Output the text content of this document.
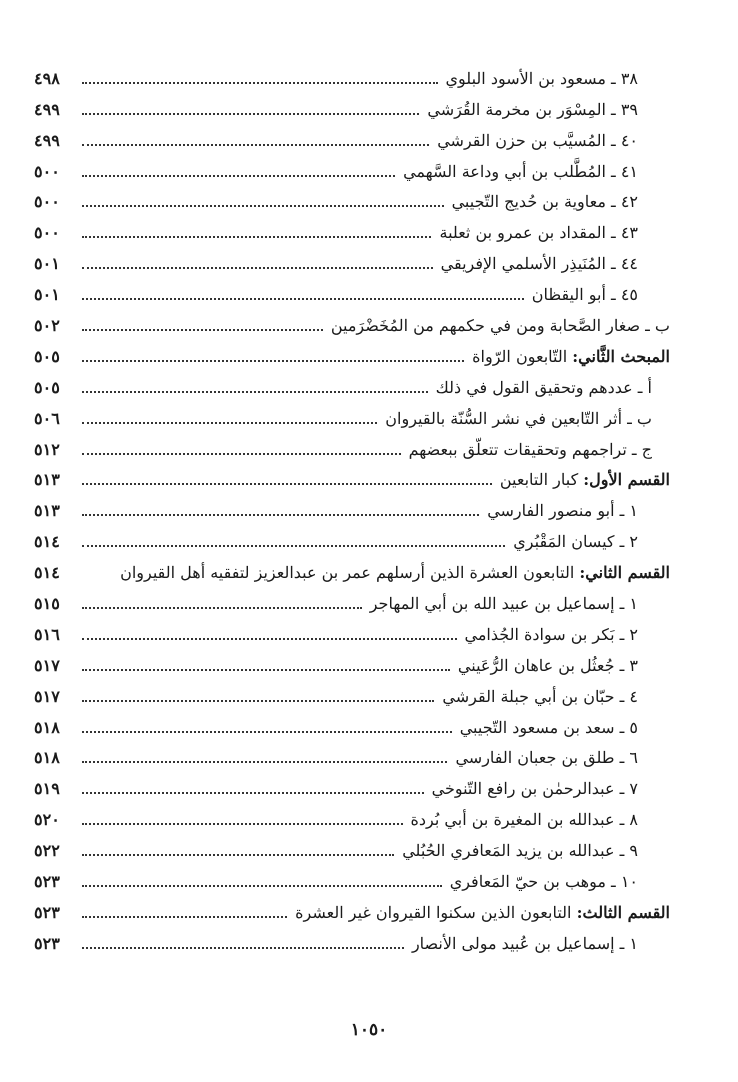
٣٨ ـ مسعود بن الأسود البلوي
٤٩٨
٣٩ ـ المِسْوَر بن مخرمة القُرَشي
٤٩٩
٤٠ ـ المُسيَّب بن حزن القرشي
٤٩٩
٤١ ـ المُطَّلب بن أبي وداعة السَّهمي
٥٠٠
٤٢ ـ معاوية بن حُديج التّجيبي
٥٠٠
٤٣ ـ المقداد بن عمرو بن ثعلبة
٥٠٠
٤٤ ـ المُنَيذِر الأسلمي الإفريقي
٥٠١
٤٥ ـ أبو اليقظان
٥٠١
ب ـ صغار الصَّحابة ومن في حكمهم من المُخَضْرَمين
٥٠٢
المبحث الثَّاني: التّابعون الرّواة
٥٠٥
أ ـ عددهم وتحقيق القول في ذلك
٥٠٥
ب ـ أثر التّابعين في نشر السُّنّة بالقيروان
٥٠٦
ج ـ تراجمهم وتحقيقات تتعلّق ببعضهم
٥١٢
القسم الأول: كبار التابعين
٥١٣
١ ـ أبو منصور الفارسي
٥١٣
٢ ـ كيسان المَقْبُري
٥١٤
القسم الثاني: التابعون العشرة الذين أرسلهم عمر بن عبدالعزيز لتفقيه أهل القيروان
٥١٤
١ ـ إسماعيل بن عبيد الله بن أبي المهاجر
٥١٥
٢ ـ بَكر بن سوادة الجُذامي
٥١٦
٣ ـ جُعثُل بن عاهان الرُّعَيني
٥١٧
٤ ـ حبّان بن أبي جبلة القرشي
٥١٧
٥ ـ سعد بن مسعود التّجيبي
٥١٨
٦ ـ طلق بن جعبان الفارسي
٥١٨
٧ ـ عبدالرحمٰن بن رافع التّنوخي
٥١٩
٨ ـ عبدالله بن المغيرة بن أبي بُردة
٥٢٠
٩ ـ عبدالله بن يزيد المَعافري الحُبُلي
٥٢٢
١٠ ـ موهب بن حيّ المَعافري
٥٢٣
القسم الثالث: التابعون الذين سكنوا القيروان غير العشرة
٥٢٣
١ ـ إسماعيل بن عُبيد مولى الأنصار
٥٢٣
١٠٥٠
